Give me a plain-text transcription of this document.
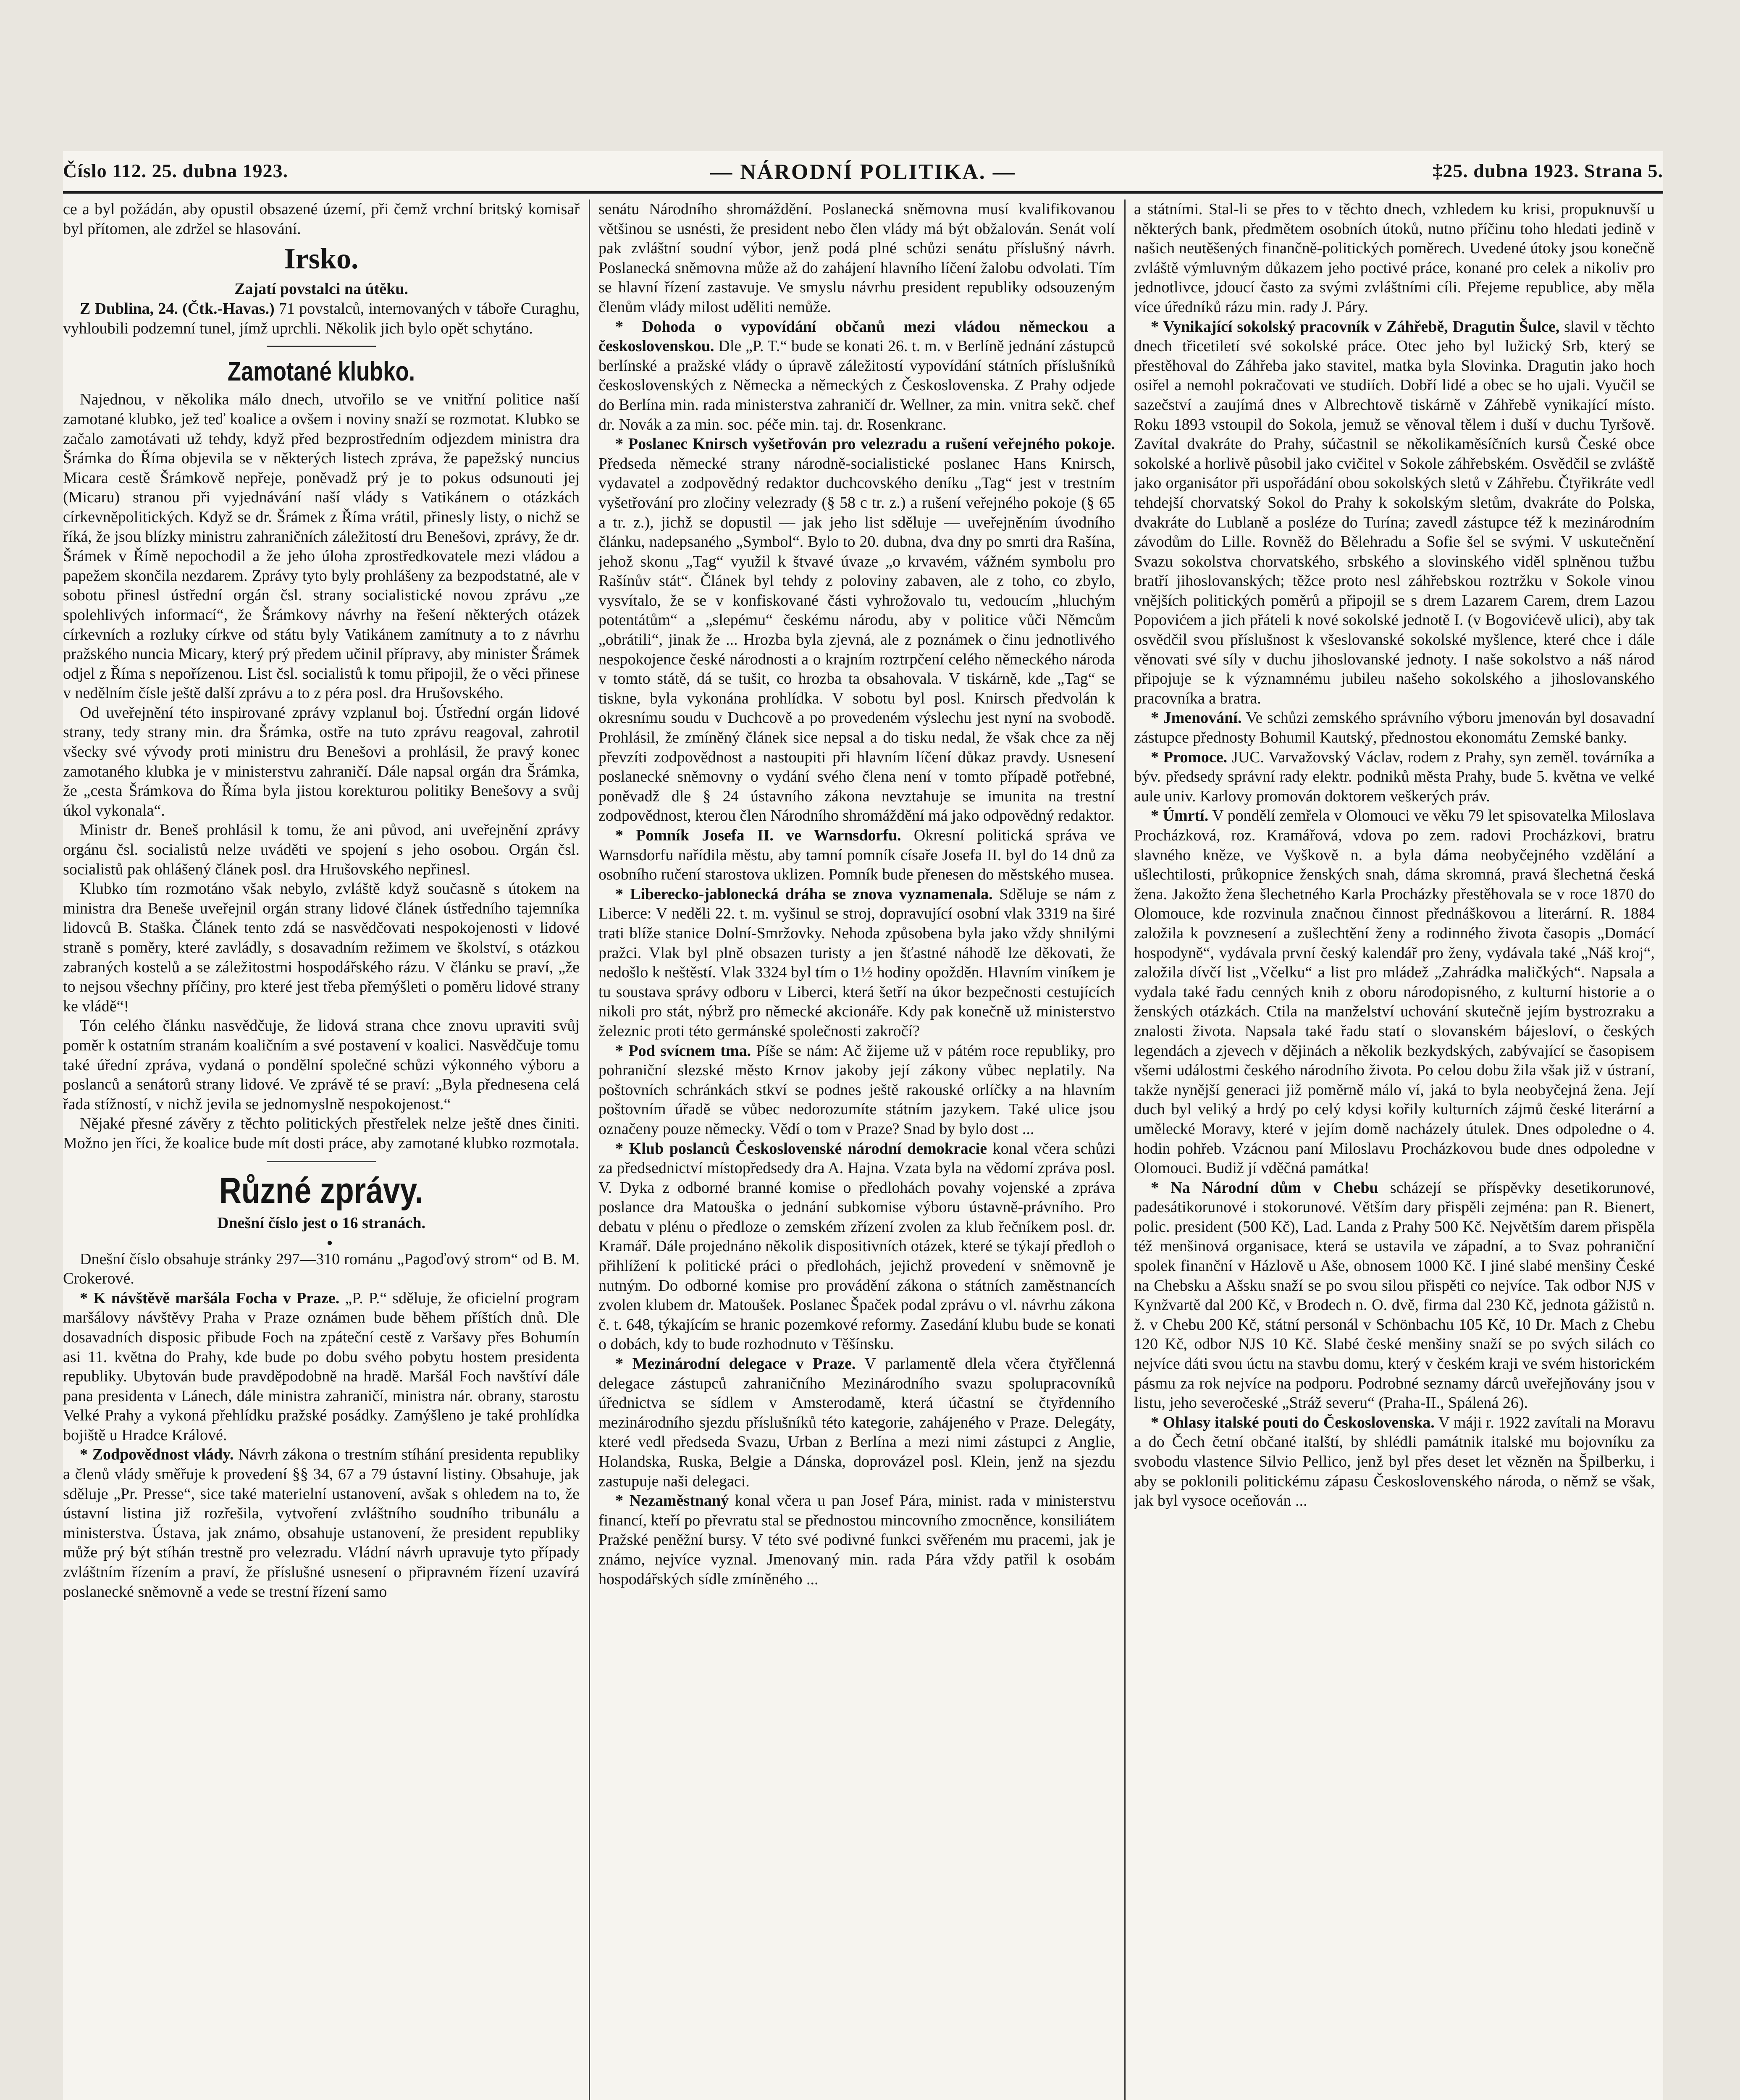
Číslo 112. 25. dubna 1923.	— NÁRODNÍ POLITIKA. —	‡25. dubna 1923. Strana 5.

ce a byl požádán, aby opustil obsazené území, při čemž vrchní britský komisař byl přítomen, ale zdržel se hlasování.

Irsko.
Zajatí povstalci na útěku.

Z Dublina, 24. (Čtk.-Havas.) 71 povstalců, internovaných v táboře Curaghu, vyhloubili podzemní tunel, jímž uprchli. Několik jich bylo opět schytáno.

Zamotané klubko.

Najednou, v několika málo dnech, utvořilo se ve vnitřní politice naší zamotané klubko, jež teď koalice a ovšem i noviny snaží se rozmotat. Klubko se začalo zamotávati už tehdy, když před bezprostředním odjezdem ministra dra Šrámka do Říma objevila se v některých listech zpráva, že papežský nuncius Micara cestě Šrámkově nepřeje, poněvadž prý je to pokus odsunouti jej (Micaru) stranou při vyjednávání naší vlády s Vatikánem o otázkách církevněpolitických. Když se dr. Šrámek z Říma vrátil, přinesly listy, o nichž se říká, že jsou blízky ministru zahraničních záležitostí dru Benešovi, zprávy, že dr. Šrámek v Římě nepochodil a že jeho úloha zprostředkovatele mezi vládou a papežem skončila nezdarem. Zprávy tyto byly prohlášeny za bezpodstatné, ale v sobotu přinesl ústřední orgán čsl. strany socialistické novou zprávu „ze spolehlivých informací“, že Šrámkovy návrhy na řešení některých otázek církevních a rozluky církve od státu byly Vatikánem zamítnuty a to z návrhu pražského nuncia Micary, který prý předem učinil přípravy, aby minister Šrámek odjel z Říma s nepořízenou. List čsl. socialistů k tomu připojil, že o věci přinese v nedělním čísle ještě další zprávu a to z péra posl. dra Hrušovského.

Od uveřejnění této inspirované zprávy vzplanul boj. Ústřední orgán lidové strany, tedy strany min. dra Šrámka, ostře na tuto zprávu reagoval, zahrotil všecky své vývody proti ministru dru Benešovi a prohlásil, že pravý konec zamotaného klubka je v ministerstvu zahraničí. Dále napsal orgán dra Šrámka, že „cesta Šrámkova do Říma byla jistou korekturou politiky Benešovy a svůj úkol vykonala“.

Ministr dr. Beneš prohlásil k tomu, že ani původ, ani uveřejnění zprávy orgánu čsl. socialistů nelze uváděti ve spojení s jeho osobou. Orgán čsl. socialistů pak ohlášený článek posl. dra Hrušovského nepřinesl.

Klubko tím rozmotáno však nebylo, zvláště když současně s útokem na ministra dra Beneše uveřejnil orgán strany lidové článek ústředního tajemníka lidovců B. Staška. Článek tento zdá se nasvědčovati nespokojenosti v lidové straně s poměry, které zavládly, s dosavadním režimem ve školství, s otázkou zabraných kostelů a se záležitostmi hospodářského rázu. V článku se praví, „že to nejsou všechny příčiny, pro které jest třeba přemýšleti o poměru lidové strany ke vládě“!

Tón celého článku nasvědčuje, že lidová strana chce znovu upraviti svůj poměr k ostatním stranám koaličním a své postavení v koalici. Nasvědčuje tomu také úřední zpráva, vydaná o pondělní společné schůzi výkonného výboru a poslanců a senátorů strany lidové. Ve zprávě té se praví: „Byla přednesena celá řada stížností, v nichž jevila se jednomyslně nespokojenost.“

Nějaké přesné závěry z těchto politických přestřelek nelze ještě dnes činiti. Možno jen říci, že koalice bude mít dosti práce, aby zamotané klubko rozmotala.

Různé zprávy.
Dnešní číslo jest o 16 stranách.

•

Dnešní číslo obsahuje stránky 297—310 románu „Pagoďový strom“ od B. M. Crokerové.

* K návštěvě maršála Focha v Praze. „P. P.“ sděluje, že oficielní program maršálovy návštěvy Praha v Praze oznámen bude během příštích dnů. Dle dosavadních disposic přibude Foch na zpáteční cestě z Varšavy přes Bohumín asi 11. května do Prahy, kde bude po dobu svého pobytu hostem presidenta republiky. Ubytován bude pravděpodobně na hradě. Maršál Foch navštíví dále pana presidenta v Lánech, dále ministra zahraničí, ministra nár. obrany, starostu Velké Prahy a vykoná přehlídku pražské posádky. Zamýšleno je také prohlídka bojiště u Hradce Králové.

* Zodpovědnost vlády. Návrh zákona o trestním stíhání presidenta republiky a členů vlády směřuje k provedení §§ 34, 67 a 79 ústavní listiny. Obsahuje, jak sděluje „Pr. Presse“, sice také materielní ustanovení, avšak s ohledem na to, že ústavní listina již rozřešila, vytvoření zvláštního soudního tribunálu a ministerstva. Ústava, jak známo, obsahuje ustanovení, že president republiky může prý být stíhán trestně pro velezradu. Vládní návrh upravuje tyto případy zvláštním řízením a praví, že příslušné usnesení o připravném řízení uzavírá poslanecké sněmovně a vede se trestní řízení samo

senátu Národního shromáždění. Poslanecká sněmovna musí kvalifikovanou většinou se usnésti, že president nebo člen vlády má být obžalován. Senát volí pak zvláštní soudní výbor, jenž podá plné schůzi senátu příslušný návrh. Poslanecká sněmovna může až do zahájení hlavního líčení žalobu odvolati. Tím se hlavní řízení zastavuje. Ve smyslu návrhu president republiky odsouzeným členům vlády milost uděliti nemůže.

* Dohoda o vypovídání občanů mezi vládou německou a československou. Dle „P. T.“ bude se konati 26. t. m. v Berlíně jednání zástupců berlínské a pražské vlády o úpravě záležitostí vypovídání státních příslušníků československých z Německa a německých z Československa. Z Prahy odjede do Berlína min. rada ministerstva zahraničí dr. Wellner, za min. vnitra sekč. chef dr. Novák a za min. soc. péče min. taj. dr. Rosenkranc.

* Poslanec Knirsch vyšetřován pro velezradu a rušení veřejného pokoje. Předseda německé strany národně-socialistické poslanec Hans Knirsch, vydavatel a zodpovědný redaktor duchcovského deníku „Tag“ jest v trestním vyšetřování pro zločiny velezrady (§ 58 c tr. z.) a rušení veřejného pokoje (§ 65 a tr. z.), jichž se dopustil — jak jeho list sděluje — uveřejněním úvodního článku, nadepsaného „Symbol“. Bylo to 20. dubna, dva dny po smrti dra Rašína, jehož skonu „Tag“ využil k štvavé úvaze „o krvavém, vážném symbolu pro Rašínův stát“. Článek byl tehdy z poloviny zabaven, ale z toho, co zbylo, vysvítalo, že se v konfiskované části vyhrožovalo tu, vedoucím „hluchým potentátům“ a „slepému“ českému národu, aby v politice vůči Němcům „obrátili“, jinak že ... Hrozba byla zjevná, ale z poznámek o činu jednotlivého nespokojence české národnosti a o krajním roztrpčení celého německého národa v tomto státě, dá se tušit, co hrozba ta obsahovala. V tiskárně, kde „Tag“ se tiskne, byla vykonána prohlídka. V sobotu byl posl. Knirsch předvolán k okresnímu soudu v Duchcově a po provedeném výslechu jest nyní na svobodě. Prohlásil, že zmíněný článek sice nepsal a do tisku nedal, že však chce za něj převzíti zodpovědnost a nastoupiti při hlavním líčení důkaz pravdy. Usnesení poslanecké sněmovny o vydání svého člena není v tomto případě potřebné, poněvadž dle § 24 ústavního zákona nevztahuje se imunita na trestní zodpovědnost, kterou člen Národního shromáždění má jako odpovědný redaktor.

* Pomník Josefa II. ve Warnsdorfu. Okresní politická správa ve Warnsdorfu nařídila městu, aby tamní pomník císaře Josefa II. byl do 14 dnů za osobního ručení starostova uklizen. Pomník bude přenesen do městského musea.

* Liberecko-jablonecká dráha se znova vyznamenala. Sděluje se nám z Liberce: V neděli 22. t. m. vyšinul se stroj, dopravující osobní vlak 3319 na širé trati blíže stanice Dolní-Smržovky. Nehoda způsobena byla jako vždy shnilými pražci. Vlak byl plně obsazen turisty a jen šťastné náhodě lze děkovati, že nedošlo k neštěstí. Vlak 3324 byl tím o 1½ hodiny opožděn. Hlavním viníkem je tu soustava správy odboru v Liberci, která šetří na úkor bezpečnosti cestujících nikoli pro stát, nýbrž pro německé akcionáře. Kdy pak konečně už ministerstvo železnic proti této germánské společnosti zakročí?

* Pod svícnem tma. Píše se nám: Ač žijeme už v pátém roce republiky, pro pohraniční slezské město Krnov jakoby její zákony vůbec neplatily. Na poštovních schránkách stkví se podnes ještě rakouské orlíčky a na hlavním poštovním úřadě se vůbec nedorozumíte státním jazykem. Také ulice jsou označeny pouze německy. Vědí o tom v Praze? Snad by bylo dost ...

* Klub poslanců Československé národní demokracie konal včera schůzi za předsednictví místopředsedy dra A. Hajna. Vzata byla na vědomí zpráva posl. V. Dyka z odborné branné komise o předlohách povahy vojenské a zpráva poslance dra Matouška o jednání subkomise výboru ústavně-právního. Pro debatu v plénu o předloze o zemském zřízení zvolen za klub řečníkem posl. dr. Kramář. Dále projednáno několik dispositivních otázek, které se týkají předloh o přihlížení k politické práci o předlohách, jejichž provedení v sněmovně je nutným. Do odborné komise pro provádění zákona o státních zaměstnancích zvolen klubem dr. Matoušek. Poslanec Špaček podal zprávu o vl. návrhu zákona č. t. 648, týkajícím se hranic pozemkové reformy. Zasedání klubu bude se konati o dobách, kdy to bude rozhodnuto v Těšínsku.

* Mezinárodní delegace v Praze. V parlamentě dlela včera čtyřčlenná delegace zástupců zahraničního Mezinárodního svazu spolupracovníků úřednictva se sídlem v Amsterodamě, která účastní se čtyřdenního mezinárodního sjezdu příslušníků této kategorie, zahájeného v Praze. Delegáty, které vedl předseda Svazu, Urban z Berlína a mezi nimi zástupci z Anglie, Holandska, Ruska, Belgie a Dánska, doprovázel posl. Klein, jenž na sjezdu zastupuje naši delegaci.

* Nezaměstnaný konal včera u pan Josef Pára, minist. rada v ministerstvu financí, kteří po převratu stal se přednostou mincovního zmocněnce, konsiliátem Pražské peněžní bursy. V této své podivné funkci svěřeném mu pracemi, jak je známo, nejvíce vyznal. Jmenovaný min. rada Pára vždy patřil k osobám hospodářských sídle zmíněného ...

a státními. Stal-li se přes to v těchto dnech, vzhledem ku krisi, propuknuvší u některých bank, předmětem osobních útoků, nutno příčinu toho hledati jedině v našich neutěšených finančně-politických poměrech. Uvedené útoky jsou konečně zvláště výmluvným důkazem jeho poctivé práce, konané pro celek a nikoliv pro jednotlivce, jdoucí často za svými zvláštními cíli. Přejeme republice, aby měla více úředníků rázu min. rady J. Páry.

* Vynikající sokolský pracovník v Záhřebě, Dragutin Šulce, slavil v těchto dnech třicetiletí své sokolské práce. Otec jeho byl lužický Srb, který se přestěhoval do Záhřeba jako stavitel, matka byla Slovinka. Dragutin jako hoch osiřel a nemohl pokračovati ve studiích. Dobří lidé a obec se ho ujali. Vyučil se sazečství a zaujímá dnes v Albrechtově tiskárně v Záhřebě vynikající místo. Roku 1893 vstoupil do Sokola, jemuž se věnoval tělem i duší v duchu Tyršově. Zavítal dvakráte do Prahy, súčastnil se několikaměsíčních kursů České obce sokolské a horlivě působil jako cvičitel v Sokole záhřebském. Osvědčil se zvláště jako organisátor při uspořádání obou sokolských sletů v Záhřebu. Čtyřikráte vedl tehdejší chorvatský Sokol do Prahy k sokolským sletům, dvakráte do Polska, dvakráte do Lublaně a posléze do Turína; zavedl zástupce též k mezinárodním závodům do Lille. Rovněž do Bělehradu a Sofie šel se svými. V uskutečnění Svazu sokolstva chorvatského, srbského a slovinského viděl splněnou tužbu bratří jihoslovanských; těžce proto nesl záhřebskou roztržku v Sokole vinou vnějších politických poměrů a připojil se s drem Lazarem Carem, drem Lazou Popovićem a jich přáteli k nové sokolské jednotě I. (v Bogovićevě ulici), aby tak osvědčil svou příslušnost k všeslovanské sokolské myšlence, které chce i dále věnovati své síly v duchu jihoslovanské jednoty. I naše sokolstvo a náš národ připojuje se k významnému jubileu našeho sokolského a jihoslovanského pracovníka a bratra.

* Jmenování. Ve schůzi zemského správního výboru jmenován byl dosavadní zástupce přednosty Bohumil Kautský, přednostou ekonomátu Zemské banky.

* Promoce. JUC. Varvažovský Václav, rodem z Prahy, syn zeměl. továrníka a býv. předsedy správní rady elektr. podniků města Prahy, bude 5. května ve velké aule univ. Karlovy promován doktorem veškerých práv.

* Úmrtí. V pondělí zemřela v Olomouci ve věku 79 let spisovatelka Miloslava Procházková, roz. Kramářová, vdova po zem. radovi Procházkovi, bratru slavného kněze, ve Vyškově n. a byla dáma neobyčejného vzdělání a ušlechtilosti, průkopnice ženských snah, dáma skromná, pravá šlechetná česká žena. Jakožto žena šlechetného Karla Procházky přestěhovala se v roce 1870 do Olomouce, kde rozvinula značnou činnost přednáškovou a literární. R. 1884 založila k povznesení a zušlechtění ženy a rodinného života časopis „Domácí hospodyně“, vydávala první český kalendář pro ženy, vydávala také „Náš kroj“, založila dívčí list „Včelku“ a list pro mládež „Zahrádka maličkých“. Napsala a vydala také řadu cenných knih z oboru národopisného, z kulturní historie a o ženských otázkách. Ctila na manželství uchování skutečně jejím bystrozraku a znalosti života. Napsala také řadu statí o slovanském bájesloví, o českých legendách a zjevech v dějinách a několik bezkydských, zabývající se časopisem všemi událostmi českého národního života. Po celou dobu žila však již v ústraní, takže nynější generaci již poměrně málo ví, jaká to byla neobyčejná žena. Její duch byl veliký a hrdý po celý kdysi kořily kulturních zájmů české literární a umělecké Moravy, které v jejím domě nacházely útulek. Dnes odpoledne o 4. hodin pohřeb. Vzácnou paní Miloslavu Procházkovou bude dnes odpoledne v Olomouci. Budiž jí vděčná památka!

* Na Národní dům v Chebu scházejí se příspěvky desetikorunové, padesátikorunové i stokorunové. Větším dary přispěli zejména: pan R. Bienert, polic. president (500 Kč), Lad. Landa z Prahy 500 Kč. Největším darem přispěla též menšinová organisace, která se ustavila ve západní, a to Svaz pohraniční spolek finanční v Házlově u Aše, obnosem 1000 Kč. I jiné slabé menšiny České na Chebsku a Ašsku snaží se po svou silou přispěti co nejvíce. Tak odbor NJS v Kynžvartě dal 200 Kč, v Brodech n. O. dvě, firma dal 230 Kč, jednota gážistů n. ž. v Chebu 200 Kč, státní personál v Schönbachu 105 Kč, 10 Dr. Mach z Chebu 120 Kč, odbor NJS 10 Kč. Slabé české menšiny snaží se po svých silách co nejvíce dáti svou úctu na stavbu domu, který v českém kraji ve svém historickém pásmu za rok nejvíce na podporu. Podrobné seznamy dárců uveřejňovány jsou v listu, jeho severočeské „Stráž severu“ (Praha-II., Spálená 26).

* Ohlasy italské pouti do Československa. V máji r. 1922 zavítali na Moravu a do Čech četní občané italští, by shlédli památnik italské mu bojovníku za svobodu vlastence Silvio Pellico, jenž byl přes deset let vězněn na Špilberku, i aby se poklonili politickému zápasu Československého národa, o němž se však, jak byl vysoce oceňován ...
